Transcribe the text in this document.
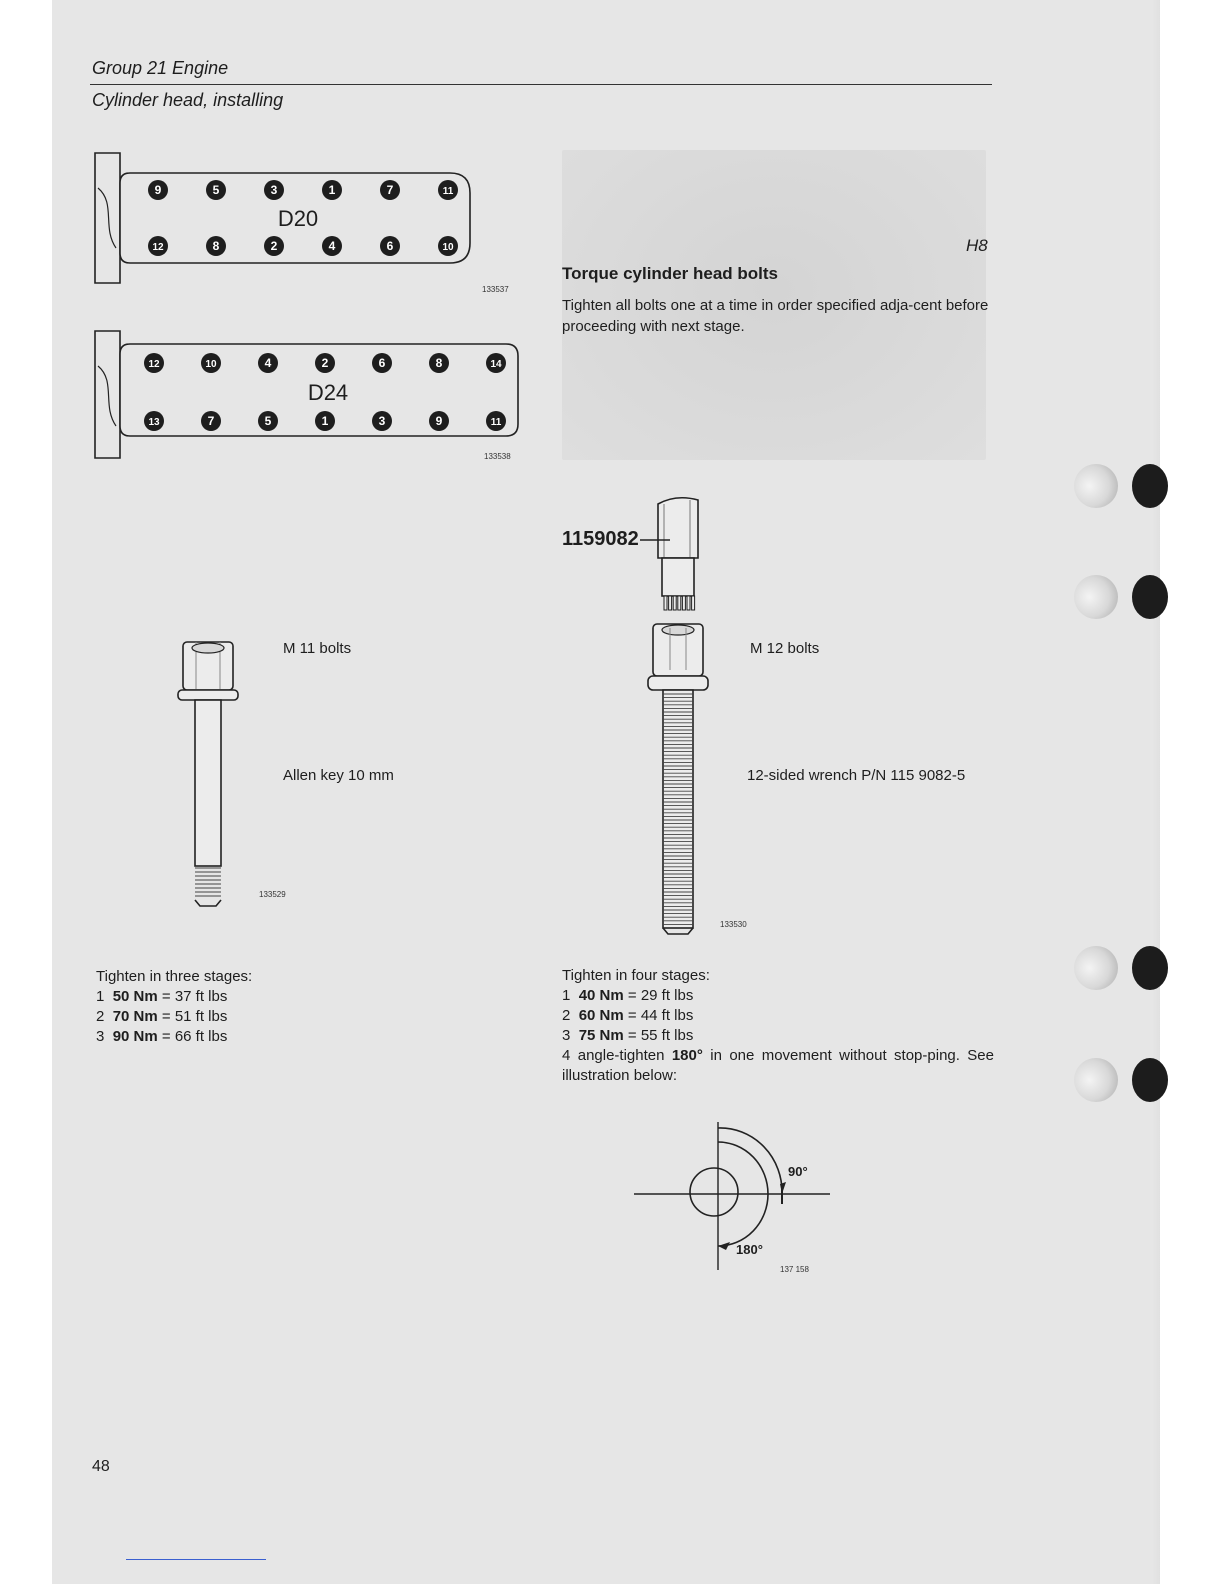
Group 21 Engine
Cylinder head, installing
9	5	3	1	7	11
12	8	2	4	6	10
D20
133537
12	10	4	2	6	8	14
13	7	5	1	3	9	11
D24
133538
H8
Torque cylinder head bolts
Tighten all bolts one at a time in order specified adja-cent before proceeding with next stage.
M 11 bolts
Allen key 10 mm
133529
1159082
M 12 bolts
12-sided wrench P/N 115 9082-5
133530
Tighten in three stages:
1 50 Nm = 37 ft lbs
2 70 Nm = 51 ft lbs
3 90 Nm = 66 ft lbs
Tighten in four stages:
1 40 Nm = 29 ft lbs
2 60 Nm = 44 ft lbs
3 75 Nm = 55 ft lbs
4 angle-tighten 180° in one movement without stop-ping. See illustration below:
90°
180°
137 158
48
